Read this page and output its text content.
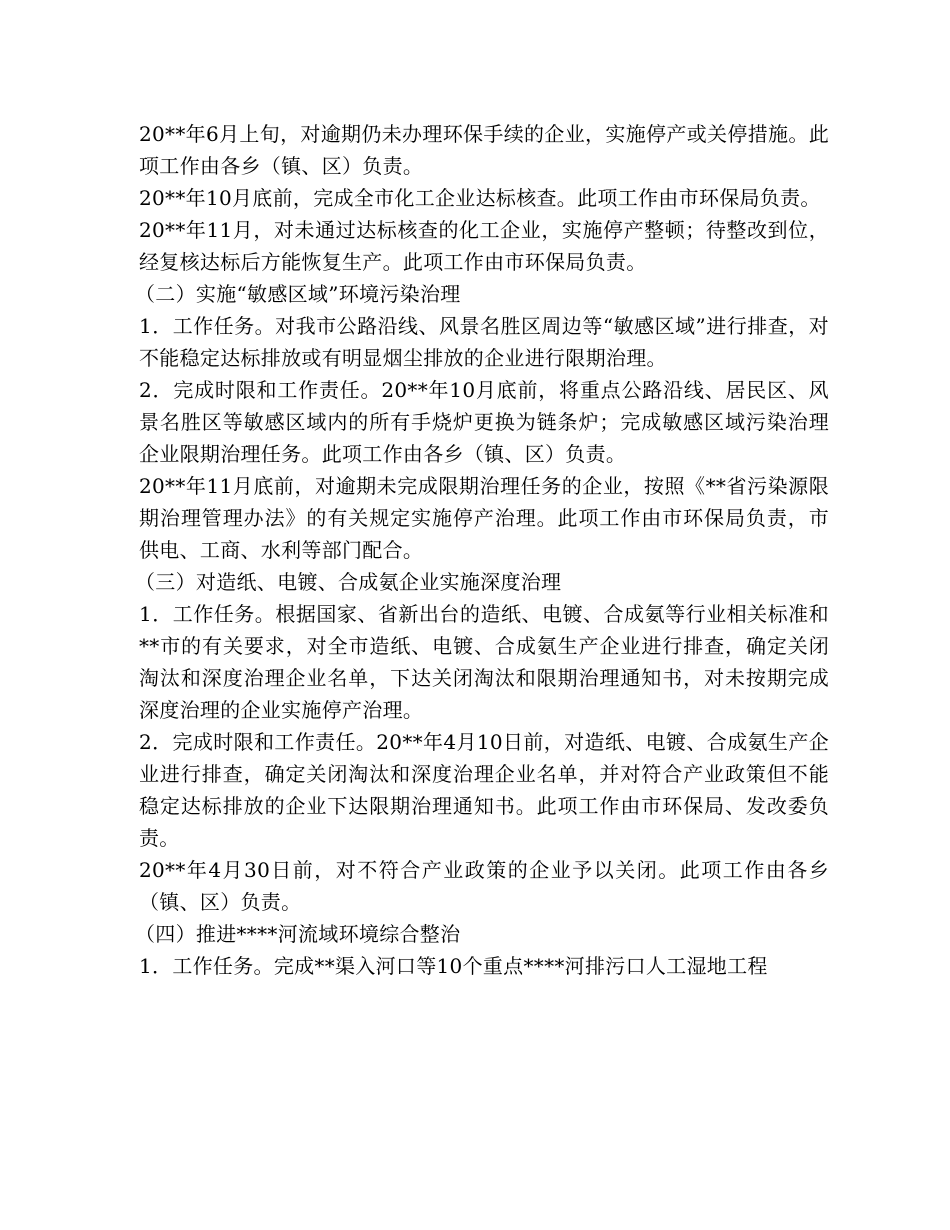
20**年6月上旬，对逾期仍未办理环保手续的企业，实施停产或关停措施。此项工作由各乡（镇、区）负责。

20**年10月底前，完成全市化工企业达标核查。此项工作由市环保局负责。

20**年11月，对未通过达标核查的化工企业，实施停产整顿；待整改到位，经复核达标后方能恢复生产。此项工作由市环保局负责。

（二）实施“敏感区域”环境污染治理

1．工作任务。对我市公路沿线、风景名胜区周边等“敏感区域”进行排查，对不能稳定达标排放或有明显烟尘排放的企业进行限期治理。

2．完成时限和工作责任。20**年10月底前，将重点公路沿线、居民区、风景名胜区等敏感区域内的所有手烧炉更换为链条炉；完成敏感区域污染治理企业限期治理任务。此项工作由各乡（镇、区）负责。

20**年11月底前，对逾期未完成限期治理任务的企业，按照《**省污染源限期治理管理办法》的有关规定实施停产治理。此项工作由市环保局负责，市供电、工商、水利等部门配合。

（三）对造纸、电镀、合成氨企业实施深度治理

1．工作任务。根据国家、省新出台的造纸、电镀、合成氨等行业相关标准和**市的有关要求，对全市造纸、电镀、合成氨生产企业进行排查，确定关闭淘汰和深度治理企业名单，下达关闭淘汰和限期治理通知书，对未按期完成深度治理的企业实施停产治理。

2．完成时限和工作责任。20**年4月10日前，对造纸、电镀、合成氨生产企业进行排查，确定关闭淘汰和深度治理企业名单，并对符合产业政策但不能稳定达标排放的企业下达限期治理通知书。此项工作由市环保局、发改委负责。

20**年4月30日前，对不符合产业政策的企业予以关闭。此项工作由各乡（镇、区）负责。

（四）推进****河流域环境综合整治

1．工作任务。完成**渠入河口等10个重点****河排污口人工湿地工程
